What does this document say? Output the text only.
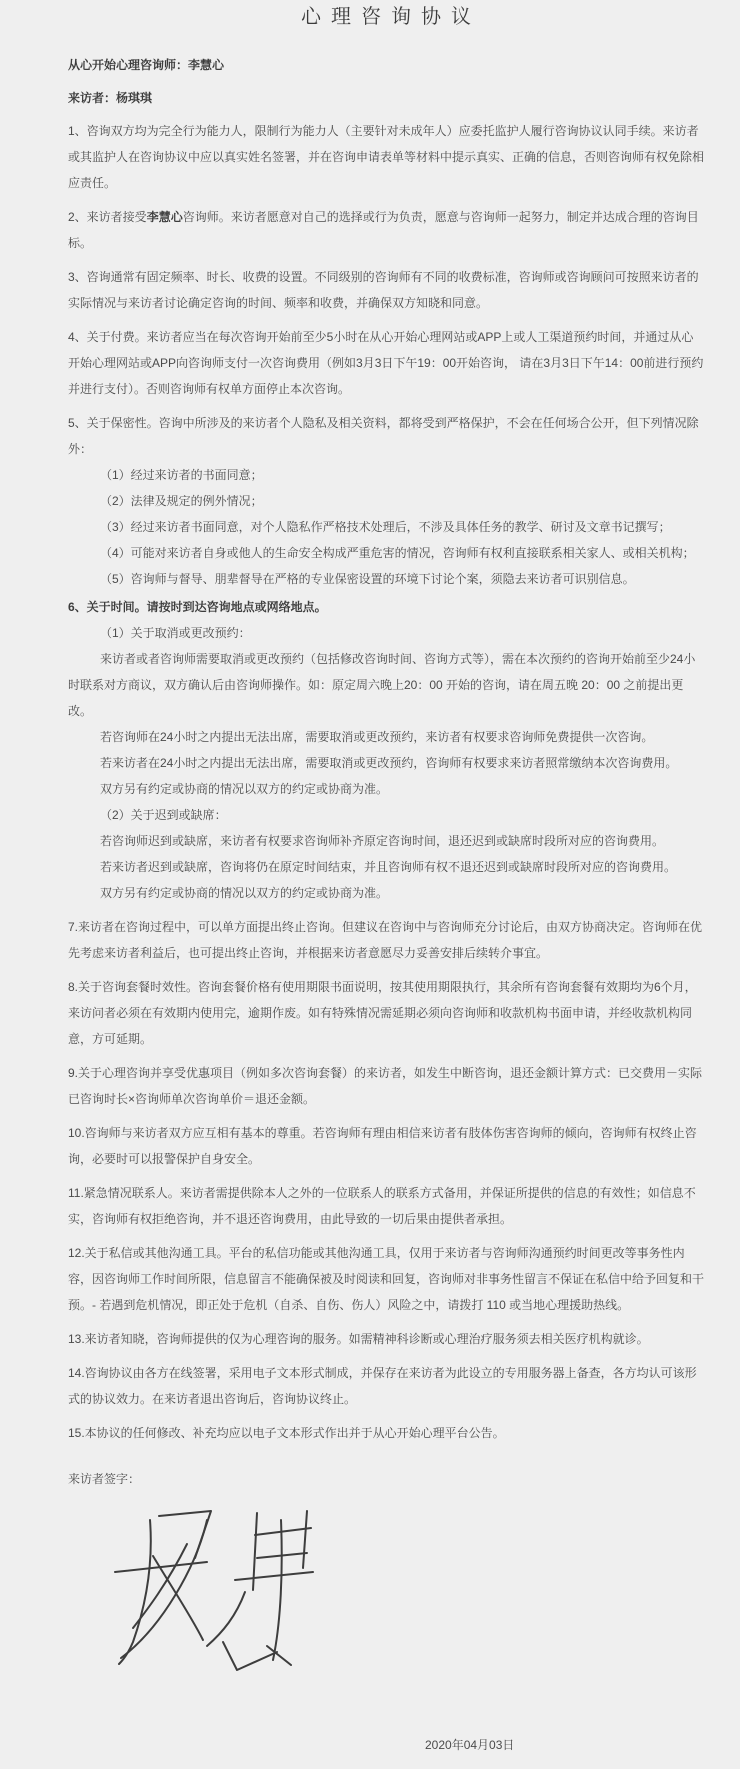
心理咨询协议

从心开始心理咨询师：李慧心

来访者：杨琪琪

1、咨询双方均为完全行为能力人，限制行为能力人（主要针对未成年人）应委托监护人履行咨询协议认同手续。来访者或其监护人在咨询协议中应以真实姓名签署，并在咨询申请表单等材料中提示真实、正确的信息，否则咨询师有权免除相应责任。

2、来访者接受李慧心咨询师。来访者愿意对自己的选择或行为负责，愿意与咨询师一起努力，制定并达成合理的咨询目标。

3、咨询通常有固定频率、时长、收费的设置。不同级别的咨询师有不同的收费标准，咨询师或咨询顾问可按照来访者的实际情况与来访者讨论确定咨询的时间、频率和收费，并确保双方知晓和同意。

4、关于付费。来访者应当在每次咨询开始前至少5小时在从心开始心理网站或APP上或人工渠道预约时间，并通过从心开始心理网站或APP向咨询师支付一次咨询费用（例如3月3日下午19：00开始咨询， 请在3月3日下午14：00前进行预约并进行支付）。否则咨询师有权单方面停止本次咨询。

5、关于保密性。咨询中所涉及的来访者个人隐私及相关资料，都将受到严格保护，不会在任何场合公开，但下列情况除外：

（1）经过来访者的书面同意；

（2）法律及规定的例外情况；

（3）经过来访者书面同意，对个人隐私作严格技术处理后，不涉及具体任务的教学、研讨及文章书记撰写；

（4）可能对来访者自身或他人的生命安全构成严重危害的情况，咨询师有权利直接联系相关家人、或相关机构；

（5）咨询师与督导、朋辈督导在严格的专业保密设置的环境下讨论个案，须隐去来访者可识别信息。

6、关于时间。请按时到达咨询地点或网络地点。

（1）关于取消或更改预约：

来访者或者咨询师需要取消或更改预约（包括修改咨询时间、咨询方式等），需在本次预约的咨询开始前至少24小时联系对方商议，双方确认后由咨询师操作。如：原定周六晚上20：00 开始的咨询，请在周五晚 20：00 之前提出更改。

若咨询师在24小时之内提出无法出席，需要取消或更改预约，来访者有权要求咨询师免费提供一次咨询。

若来访者在24小时之内提出无法出席，需要取消或更改预约，咨询师有权要求来访者照常缴纳本次咨询费用。

双方另有约定或协商的情况以双方的约定或协商为准。

（2）关于迟到或缺席：

若咨询师迟到或缺席，来访者有权要求咨询师补齐原定咨询时间，退还迟到或缺席时段所对应的咨询费用。

若来访者迟到或缺席，咨询将仍在原定时间结束，并且咨询师有权不退还迟到或缺席时段所对应的咨询费用。

双方另有约定或协商的情况以双方的约定或协商为准。

7.来访者在咨询过程中，可以单方面提出终止咨询。但建议在咨询中与咨询师充分讨论后，由双方协商决定。咨询师在优先考虑来访者利益后，也可提出终止咨询，并根据来访者意愿尽力妥善安排后续转介事宜。

8.关于咨询套餐时效性。咨询套餐价格有使用期限书面说明，按其使用期限执行，其余所有咨询套餐有效期均为6个月，来访问者必须在有效期内使用完，逾期作废。如有特殊情况需延期必须向咨询师和收款机构书面申请，并经收款机构同意，方可延期。

9.关于心理咨询并享受优惠项目（例如多次咨询套餐）的来访者，如发生中断咨询，退还金额计算方式：已交费用－实际已咨询时长×咨询师单次咨询单价＝退还金额。

10.咨询师与来访者双方应互相有基本的尊重。若咨询师有理由相信来访者有肢体伤害咨询师的倾向，咨询师有权终止咨询，必要时可以报警保护自身安全。

11.紧急情况联系人。来访者需提供除本人之外的一位联系人的联系方式备用，并保证所提供的信息的有效性；如信息不实，咨询师有权拒绝咨询，并不退还咨询费用，由此导致的一切后果由提供者承担。

12.关于私信或其他沟通工具。平台的私信功能或其他沟通工具，仅用于来访者与咨询师沟通预约时间更改等事务性内容，因咨询师工作时间所限，信息留言不能确保被及时阅读和回复，咨询师对非事务性留言不保证在私信中给予回复和干预。- 若遇到危机情况，即正处于危机（自杀、自伤、伤人）风险之中，请拨打 110 或当地心理援助热线。

13.来访者知晓，咨询师提供的仅为心理咨询的服务。如需精神科诊断或心理治疗服务须去相关医疗机构就诊。

14.咨询协议由各方在线签署，采用电子文本形式制成，并保存在来访者为此设立的专用服务器上备查，各方均认可该形式的协议效力。在来访者退出咨询后，咨询协议终止。

15.本协议的任何修改、补充均应以电子文本形式作出并于从心开始心理平台公告。

来访者签字：

2020年04月03日
